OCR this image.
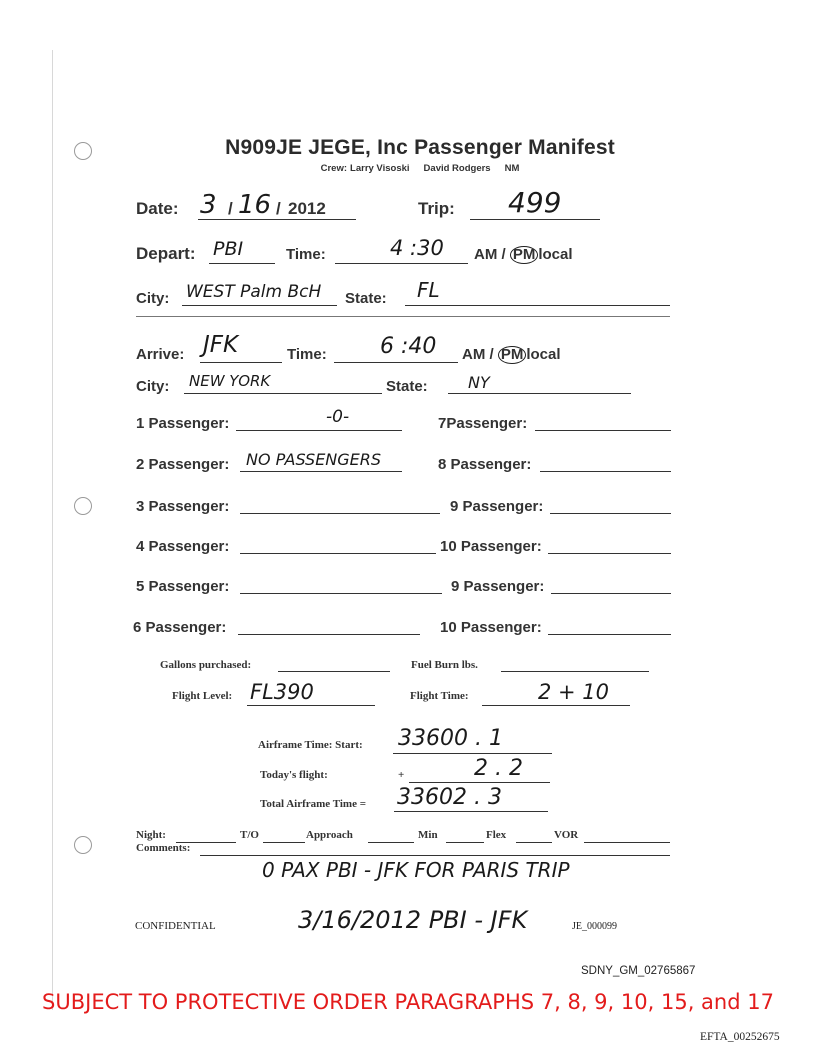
N909JE JEGE, Inc Passenger Manifest
Crew: Larry Visoski David Rodgers NM
Date: 3 / 16 / 2012	Trip: 499
Depart: PBI	Time:	4 :30 AM / PM local
City: WEST Palm BcH State: FL
Arrive: JFK	Time: 6 :40 AM / PM local
City: NEW YORK	State:	NY
1 Passenger:	-0-
2 Passenger: NO PASSENGERS
3 Passenger:
4 Passenger:
5 Passenger:
6 Passenger:
7Passenger:
8 Passenger:
9 Passenger:
10 Passenger:
9 Passenger:
10 Passenger:
Gallons purchased:	Fuel Burn lbs.
Flight Level: FL390	Flight Time:	2 + 10
Airframe Time: Start: 33600 . 1
Today's flight:	+	2 . 2
Total Airframe Time = 33602 . 3
Night:	T/O	Approach	Min	Flex	VOR
Comments:
0 PAX PBI - JFK FOR PARIS TRIP
CONFIDENTIAL	3/16/2012 PBI - JFK	JE_000099
SDNY_GM_02765867
SUBJECT TO PROTECTIVE ORDER PARAGRAPHS 7, 8, 9, 10, 15, and 17
EFTA_00252675
